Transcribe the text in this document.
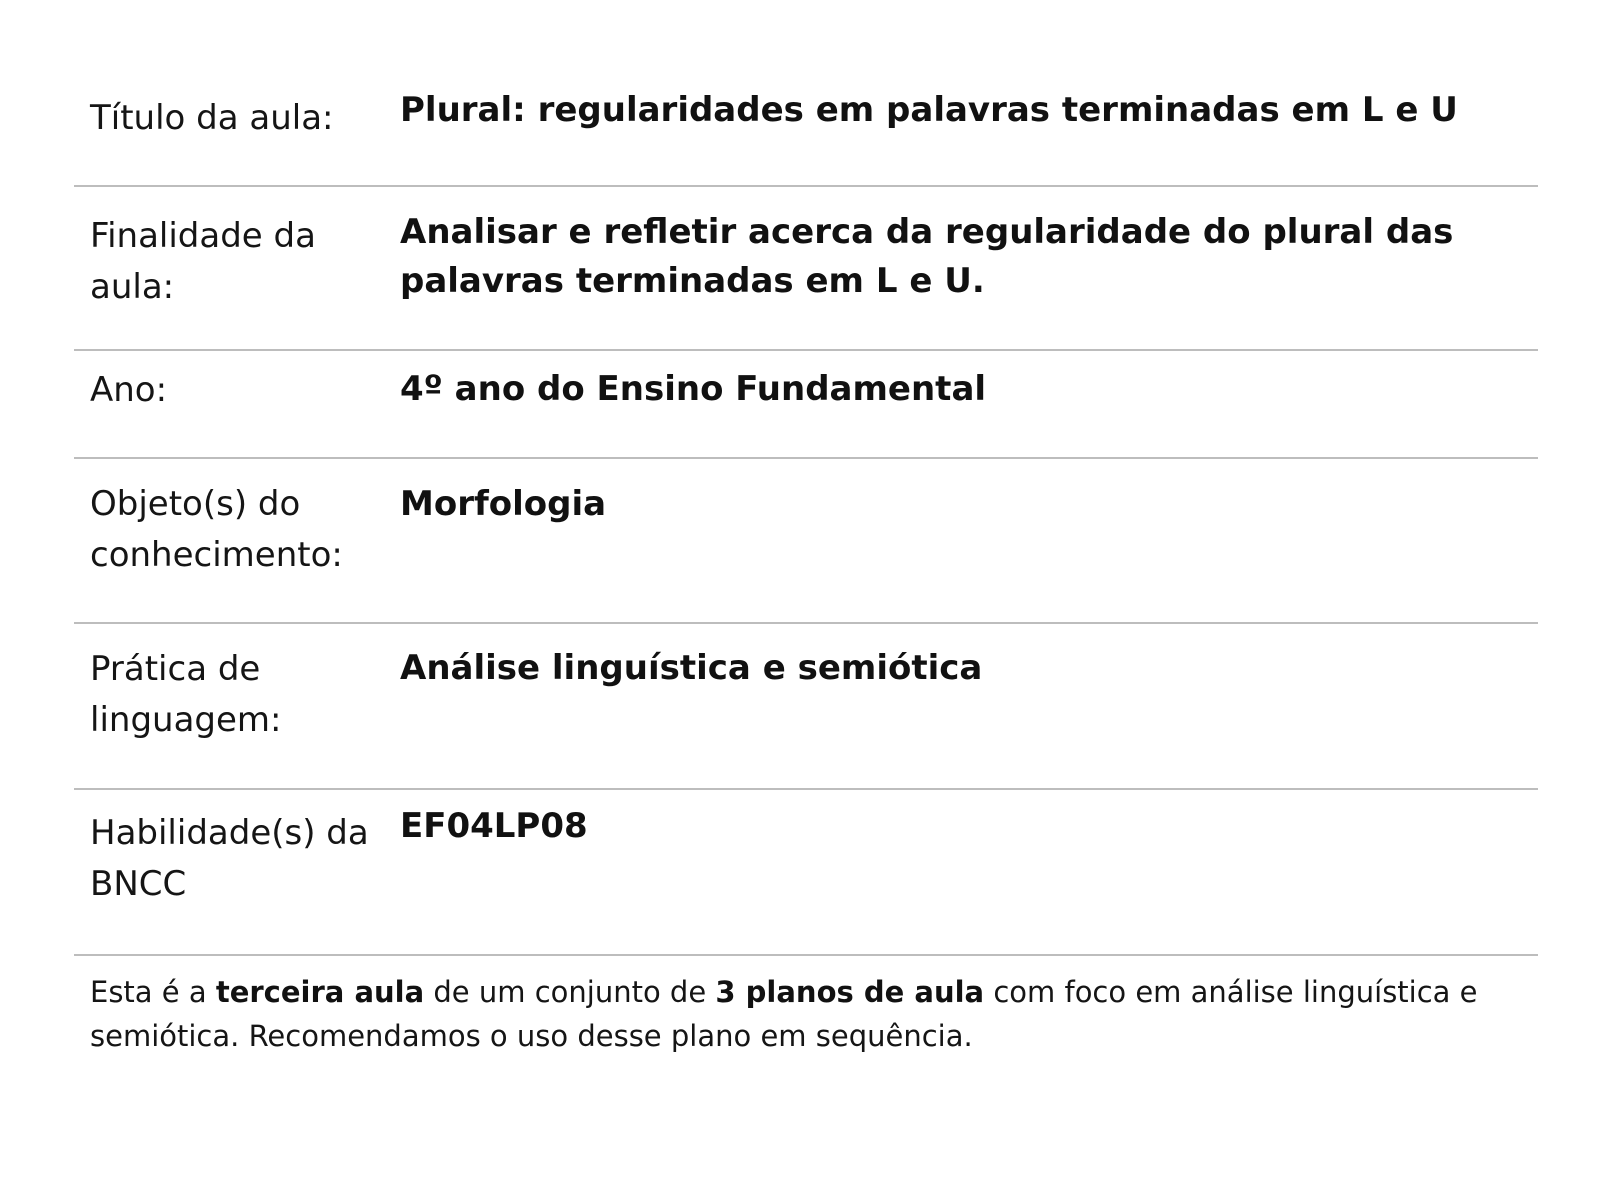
Título da aula:	Plural: regularidades em palavras terminadas em L e U
Finalidade da aula:
Analisar e refletir acerca da regularidade do plural das palavras terminadas em L e U.
Ano:	4º ano do Ensino Fundamental
Objeto(s) do conhecimento:
Morfologia
Prática de linguagem:
Análise linguística e semiótica
Habilidade(s) da BNCC
EF04LP08
Esta é a terceira aula de um conjunto de 3 planos de aula com foco em análise linguística e semiótica. Recomendamos o uso desse plano em sequência.
